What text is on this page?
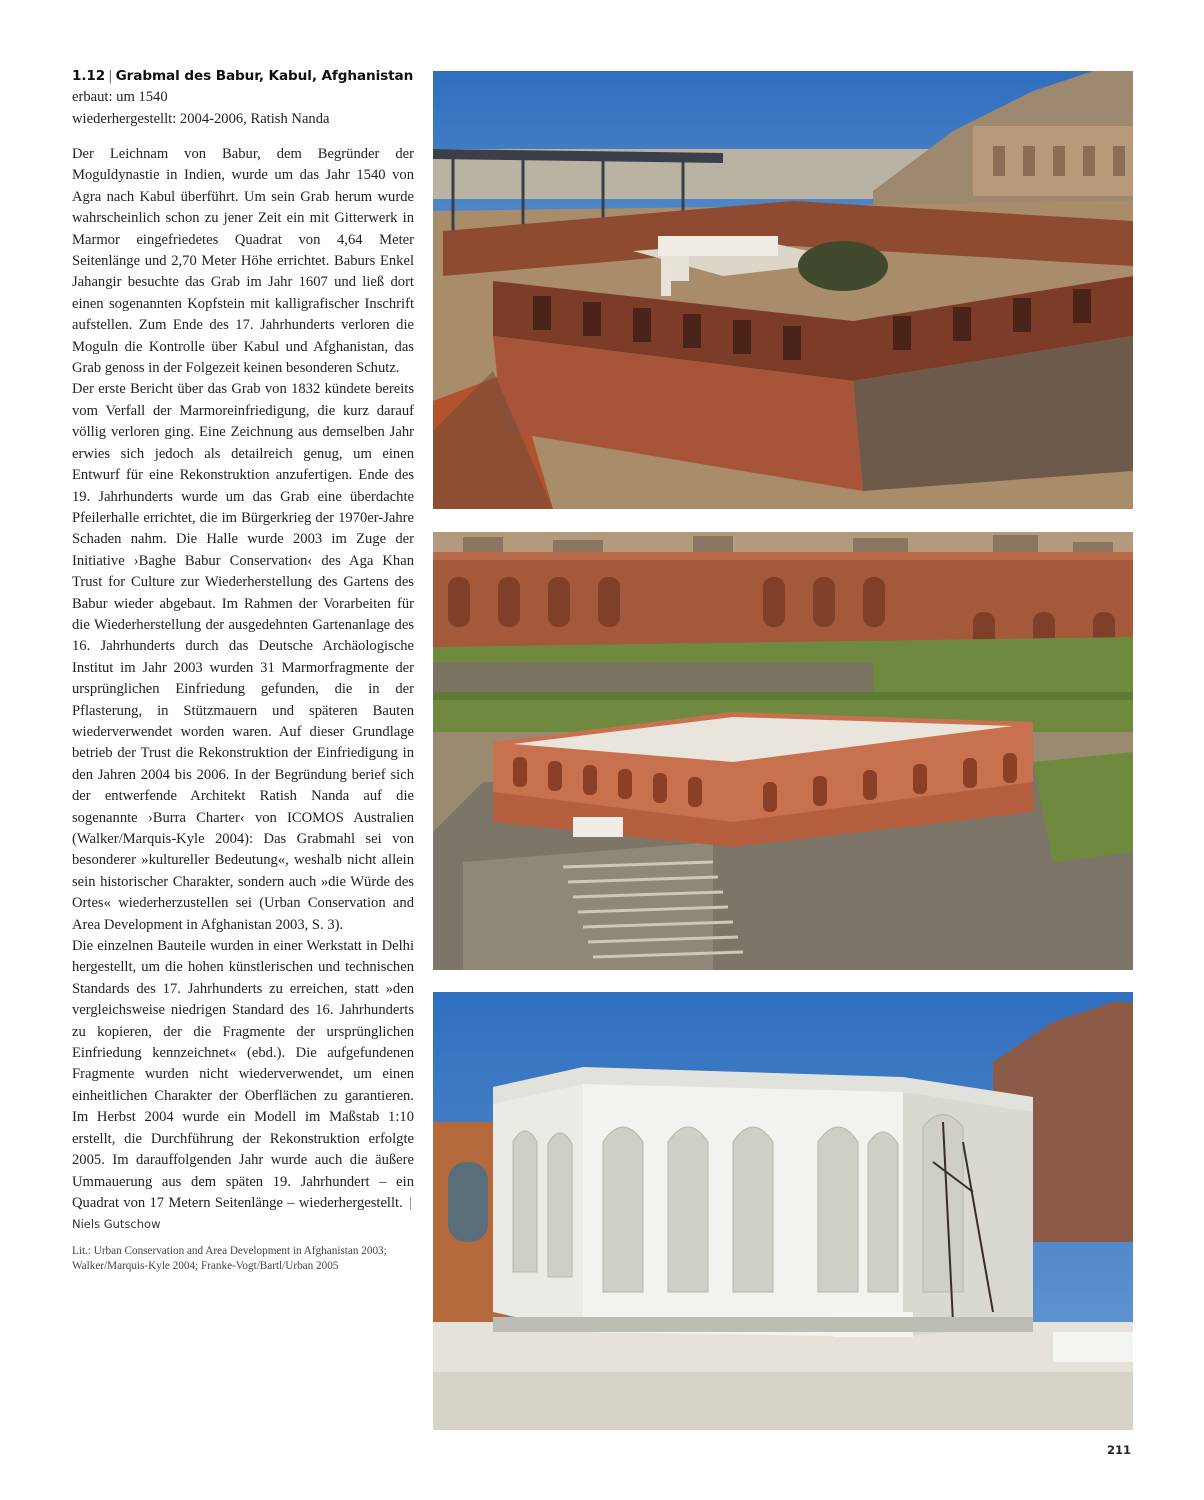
1.12 | Grabmal des Babur, Kabul, Afghanistan
erbaut: um 1540
wiederhergestellt: 2004-2006, Ratish Nanda

Der Leichnam von Babur, dem Begründer der Moguldynastie in Indien, wurde um das Jahr 1540 von Agra nach Kabul überführt. Um sein Grab herum wurde wahrscheinlich schon zu jener Zeit ein mit Gitterwerk in Marmor eingefriedetes Quadrat von 4,64 Meter Seitenlänge und 2,70 Meter Höhe errichtet. Baburs Enkel Jahangir besuchte das Grab im Jahr 1607 und ließ dort einen sogenannten Kopfstein mit kalligrafischer Inschrift aufstellen. Zum Ende des 17. Jahrhunderts verloren die Moguln die Kontrolle über Kabul und Afghanistan, das Grab genoss in der Folgezeit keinen besonderen Schutz.

Der erste Bericht über das Grab von 1832 kündete bereits vom Verfall der Marmoreinfriedigung, die kurz darauf völlig verloren ging. Eine Zeichnung aus demselben Jahr erwies sich jedoch als detailreich genug, um einen Entwurf für eine Rekonstruktion anzufertigen. Ende des 19. Jahrhunderts wurde um das Grab eine überdachte Pfeilerhalle errichtet, die im Bürgerkrieg der 1970er-Jahre Schaden nahm. Die Halle wurde 2003 im Zuge der Initiative ›Baghe Babur Conservation‹ des Aga Khan Trust for Culture zur Wiederherstellung des Gartens des Babur wieder abgebaut. Im Rahmen der Vorarbeiten für die Wiederherstellung der ausgedehnten Gartenanlage des 16. Jahrhunderts durch das Deutsche Archäologische Institut im Jahr 2003 wurden 31 Marmorfragmente der ursprünglichen Einfriedung gefunden, die in der Pflasterung, in Stützmauern und späteren Bauten wiederverwendet worden waren. Auf dieser Grundlage betrieb der Trust die Rekonstruktion der Einfriedigung in den Jahren 2004 bis 2006. In der Begründung berief sich der entwerfende Architekt Ratish Nanda auf die sogenannte ›Burra Charter‹ von ICOMOS Australien (Walker/Marquis-Kyle 2004): Das Grabmahl sei von besonderer »kultureller Bedeutung«, weshalb nicht allein sein historischer Charakter, sondern auch »die Würde des Ortes« wiederherzustellen sei (Urban Conservation and Area Development in Afghanistan 2003, S. 3).

Die einzelnen Bauteile wurden in einer Werkstatt in Delhi hergestellt, um die hohen künstlerischen und technischen Standards des 17. Jahrhunderts zu erreichen, statt »den vergleichsweise niedrigen Standard des 16. Jahrhunderts zu kopieren, der die Fragmente der ursprünglichen Einfriedung kennzeichnet« (ebd.). Die aufgefundenen Fragmente wurden nicht wiederverwendet, um einen einheitlichen Charakter der Oberflächen zu garantieren. Im Herbst 2004 wurde ein Modell im Maßstab 1:10 erstellt, die Durchführung der Rekonstruktion erfolgte 2005. Im darauffolgenden Jahr wurde auch die äußere Ummauerung aus dem späten 19. Jahrhundert – ein Quadrat von 17 Metern Seitenlänge – wiederhergestellt. | Niels Gutschow

Lit.: Urban Conservation and Area Development in Afghanistan 2003; Walker/Marquis-Kyle 2004; Franke-Vogt/Bartl/Urban 2005
211
